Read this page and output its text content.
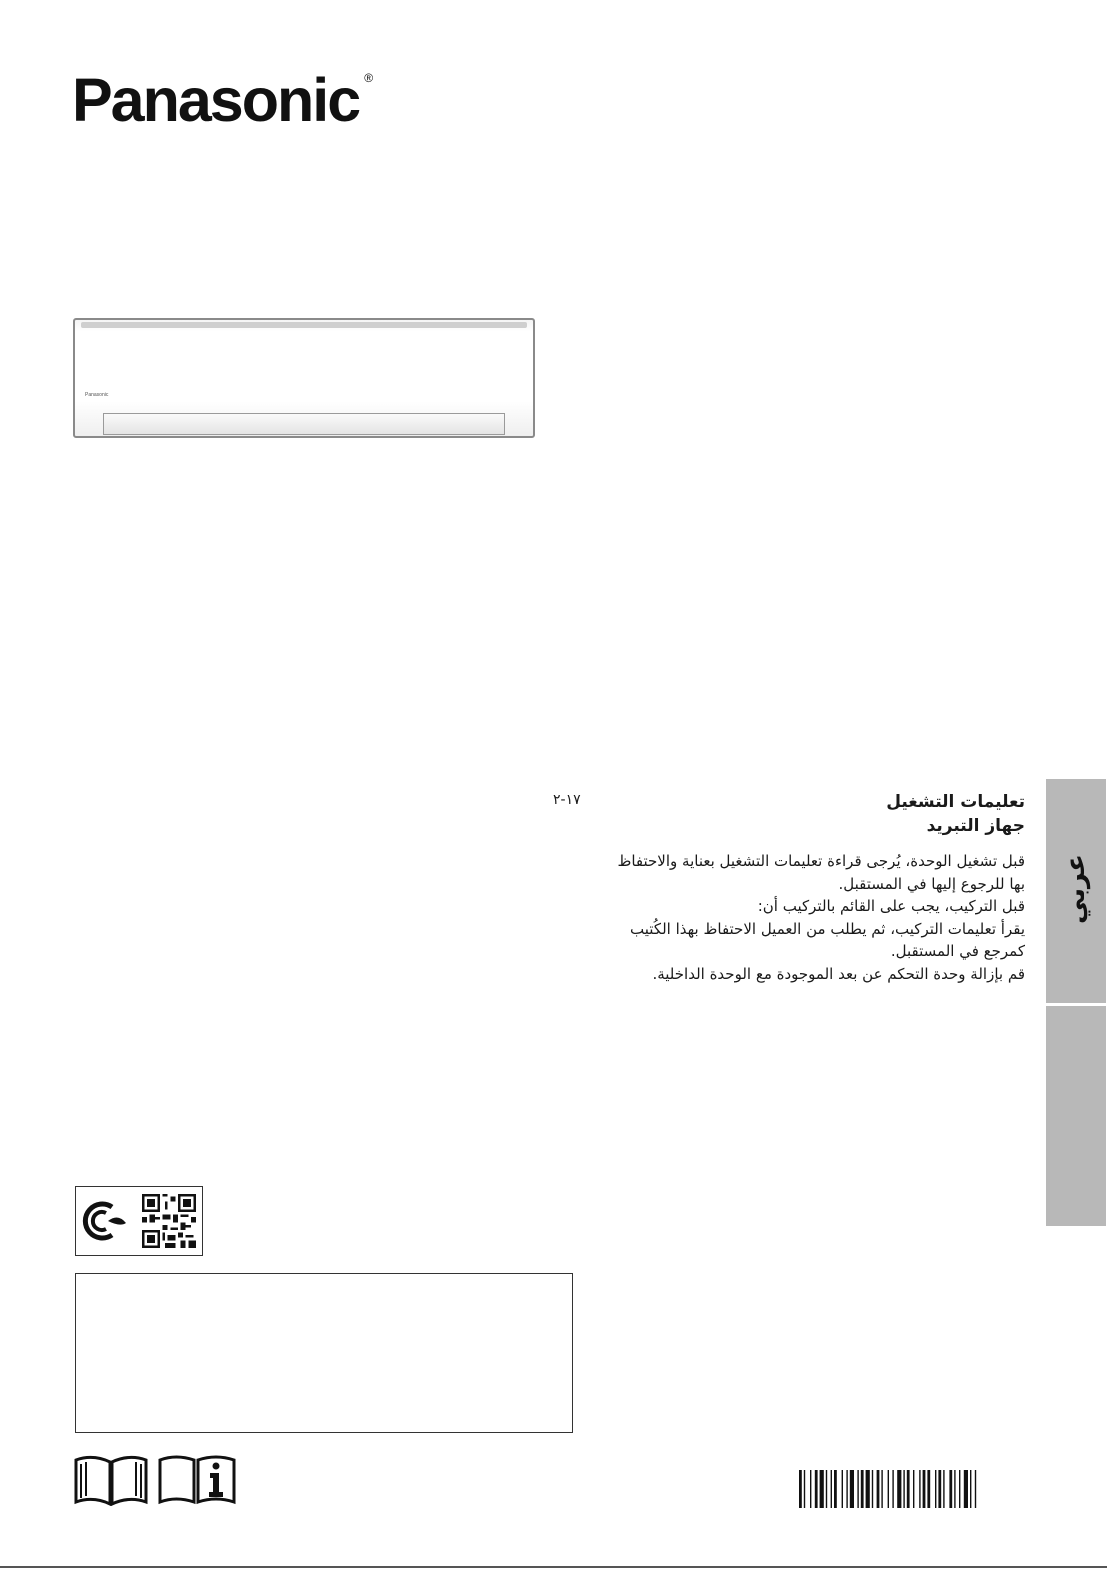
Panasonic ®
Panasonic
عربي
١٧-٢	تعليمات التشغيل

جهاز التبريد

قبل تشغيل الوحدة، يُرجى قراءة تعليمات التشغيل بعناية والاحتفاظ

بها للرجوع إليها في المستقبل.

قبل التركيب، يجب على القائم بالتركيب أن:

يقرأ تعليمات التركيب، ثم يطلب من العميل الاحتفاظ بهذا الكُتيب

كمرجع في المستقبل.

قم بإزالة وحدة التحكم عن بعد الموجودة مع الوحدة الداخلية.
